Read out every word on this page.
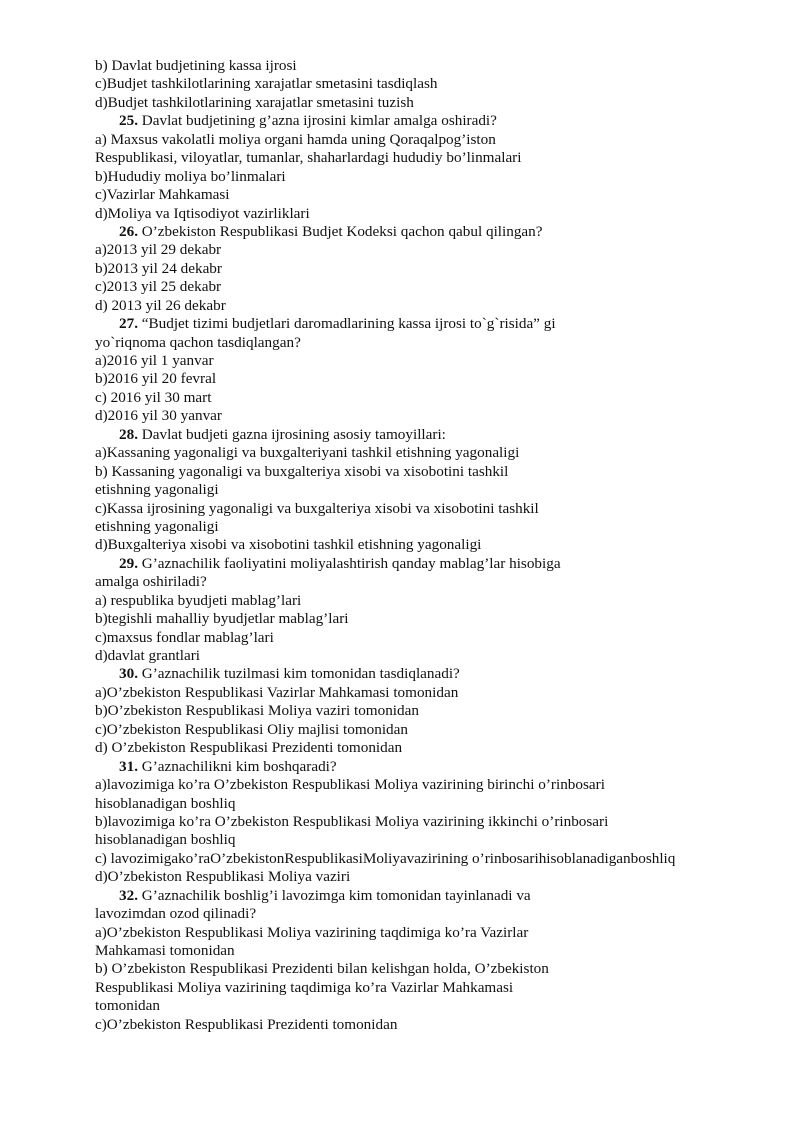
b) Davlat budjetining kassa ijrosi
c)Budjet tashkilotlarining xarajatlar smetasini tasdiqlash
d)Budjet tashkilotlarining xarajatlar smetasini tuzish
25. Davlat budjetining g’azna ijrosini kimlar amalga oshiradi?
a) Maxsus vakolatli moliya organi hamda uning Qoraqalpog’iston
Respublikasi, viloyatlar, tumanlar, shaharlardagi hududiy bo’linmalari
b)Hududiy moliya bo’linmalari
c)Vazirlar Mahkamasi
d)Moliya va Iqtisodiyot vazirliklari
26. O’zbekiston Respublikasi Budjet Kodeksi qachon qabul qilingan?
a)2013 yil 29 dekabr
b)2013 yil 24 dekabr
c)2013 yil 25 dekabr
d) 2013 yil 26 dekabr
27. “Budjet tizimi budjetlari daromadlarining kassa ijrosi to`g`risida” gi
yo`riqnoma qachon tasdiqlangan?
a)2016 yil 1 yanvar
b)2016 yil 20 fevral
c) 2016 yil 30 mart
d)2016 yil 30 yanvar
28. Davlat budjeti gazna ijrosining asosiy tamoyillari:
a)Kassaning yagonaligi va buxgalteriyani tashkil etishning yagonaligi
b) Kassaning yagonaligi va buxgalteriya xisobi va xisobotini tashkil
etishning yagonaligi
c)Kassa ijrosining yagonaligi va buxgalteriya xisobi va xisobotini tashkil
etishning yagonaligi
d)Buxgalteriya xisobi va xisobotini tashkil etishning yagonaligi
29. G’aznachilik faoliyatini moliyalashtirish qanday mablag’lar hisobiga
amalga oshiriladi?
a) respublika byudjeti mablag’lari
b)tegishli mahalliy byudjetlar mablag’lari
c)maxsus fondlar mablag’lari
d)davlat grantlari
30. G’aznachilik tuzilmasi kim tomonidan tasdiqlanadi?
a)O’zbekiston Respublikasi Vazirlar Mahkamasi tomonidan
b)O’zbekiston Respublikasi Moliya vaziri tomonidan
c)O’zbekiston Respublikasi Oliy majlisi tomonidan
d) O’zbekiston Respublikasi Prezidenti tomonidan
31. G’aznachilikni kim boshqaradi?
a)lavozimiga ko’ra O’zbekiston Respublikasi Moliya vazirining birinchi o’rinbosari
hisoblanadigan boshliq
b)lavozimiga ko’ra O’zbekiston Respublikasi Moliya vazirining ikkinchi o’rinbosari
hisoblanadigan boshliq
c) lavozimigako’raO’zbekistonRespublikasiMoliyavazirining o’rinbosarihisoblanadiganboshliq
d)O’zbekiston Respublikasi Moliya vaziri
32. G’aznachilik boshlig’i lavozimga kim tomonidan tayinlanadi va
lavozimdan ozod qilinadi?
a)O’zbekiston Respublikasi Moliya vazirining taqdimiga ko’ra Vazirlar
Mahkamasi tomonidan
b) O’zbekiston Respublikasi Prezidenti bilan kelishgan holda, O’zbekiston
Respublikasi Moliya vazirining taqdimiga ko’ra Vazirlar Mahkamasi
tomonidan
c)O’zbekiston Respublikasi Prezidenti tomonidan
